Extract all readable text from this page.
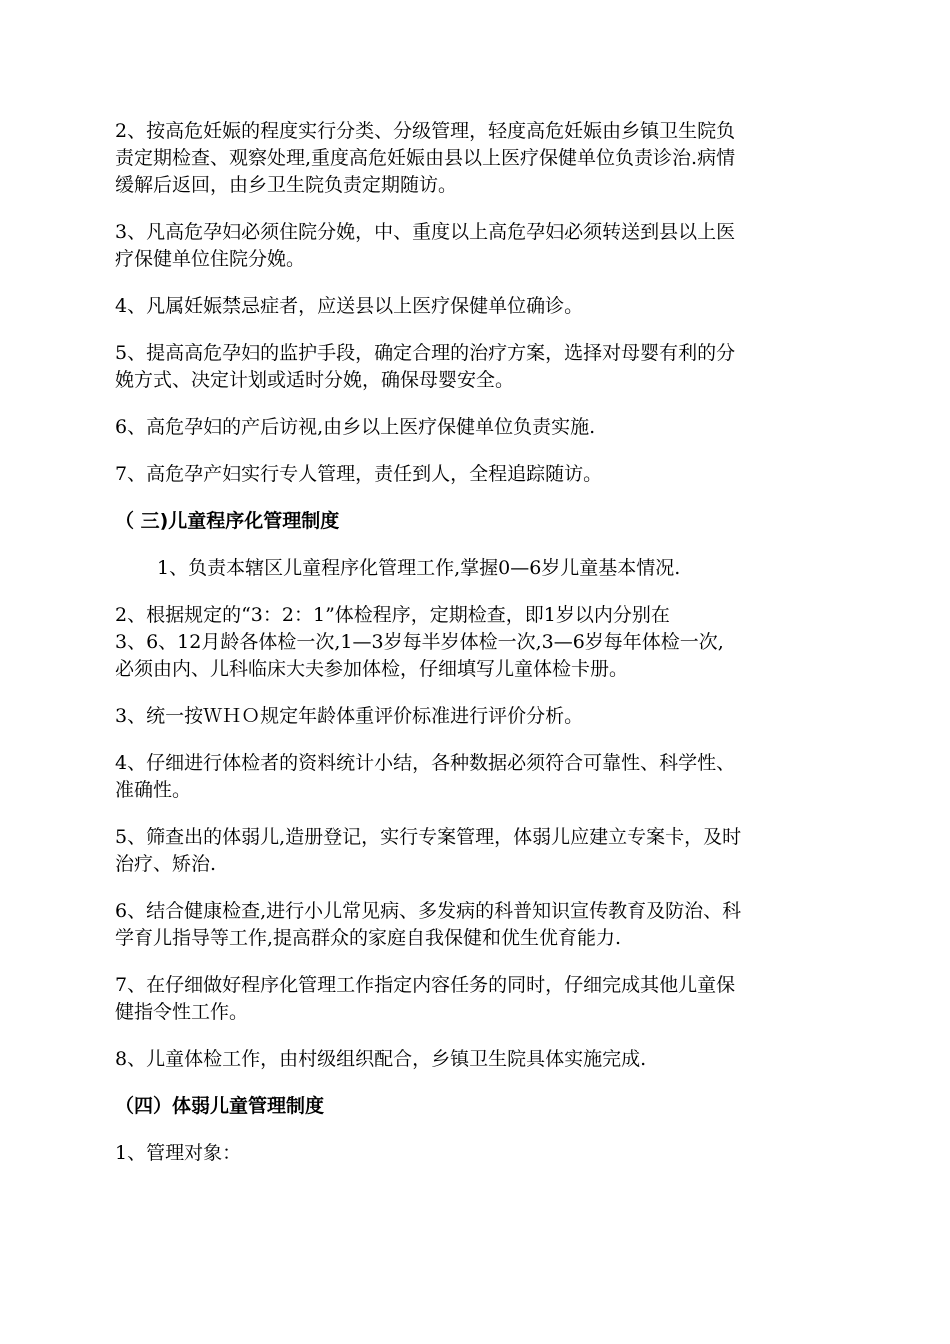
2、按高危妊娠的程度实行分类、分级管理，轻度高危妊娠由乡镇卫生院负
责定期检查、观察处理,重度高危妊娠由县以上医疗保健单位负责诊治.病情
缓解后返回，由乡卫生院负责定期随访。
3、凡高危孕妇必须住院分娩，中、重度以上高危孕妇必须转送到县以上医
疗保健单位住院分娩。
4、凡属妊娠禁忌症者，应送县以上医疗保健单位确诊。
5、提高高危孕妇的监护手段，确定合理的治疗方案，选择对母婴有利的分
娩方式、决定计划或适时分娩，确保母婴安全。
6、高危孕妇的产后访视,由乡以上医疗保健单位负责实施.
7、高危孕产妇实行专人管理，责任到人，全程追踪随访。
（ 三)儿童程序化管理制度
1、负责本辖区儿童程序化管理工作,掌握0—6岁儿童基本情况.
2、根据规定的“3：2：1”体检程序，定期检查，即1岁以内分别在
3、6、12月龄各体检一次,1—3岁每半岁体检一次,3—6岁每年体检一次,
必须由内、儿科临床大夫参加体检，仔细填写儿童体检卡册。
3、统一按ＷＨＯ规定年龄体重评价标准进行评价分析。
4、仔细进行体检者的资料统计小结，各种数据必须符合可靠性、科学性、
准确性。
5、筛查出的体弱儿,造册登记，实行专案管理，体弱儿应建立专案卡，及时
治疗、矫治.
6、结合健康检查,进行小儿常见病、多发病的科普知识宣传教育及防治、科
学育儿指导等工作,提高群众的家庭自我保健和优生优育能力.
7、在仔细做好程序化管理工作指定内容任务的同时，仔细完成其他儿童保
健指令性工作。
8、儿童体检工作，由村级组织配合，乡镇卫生院具体实施完成.
（四）体弱儿童管理制度
1、管理对象：
